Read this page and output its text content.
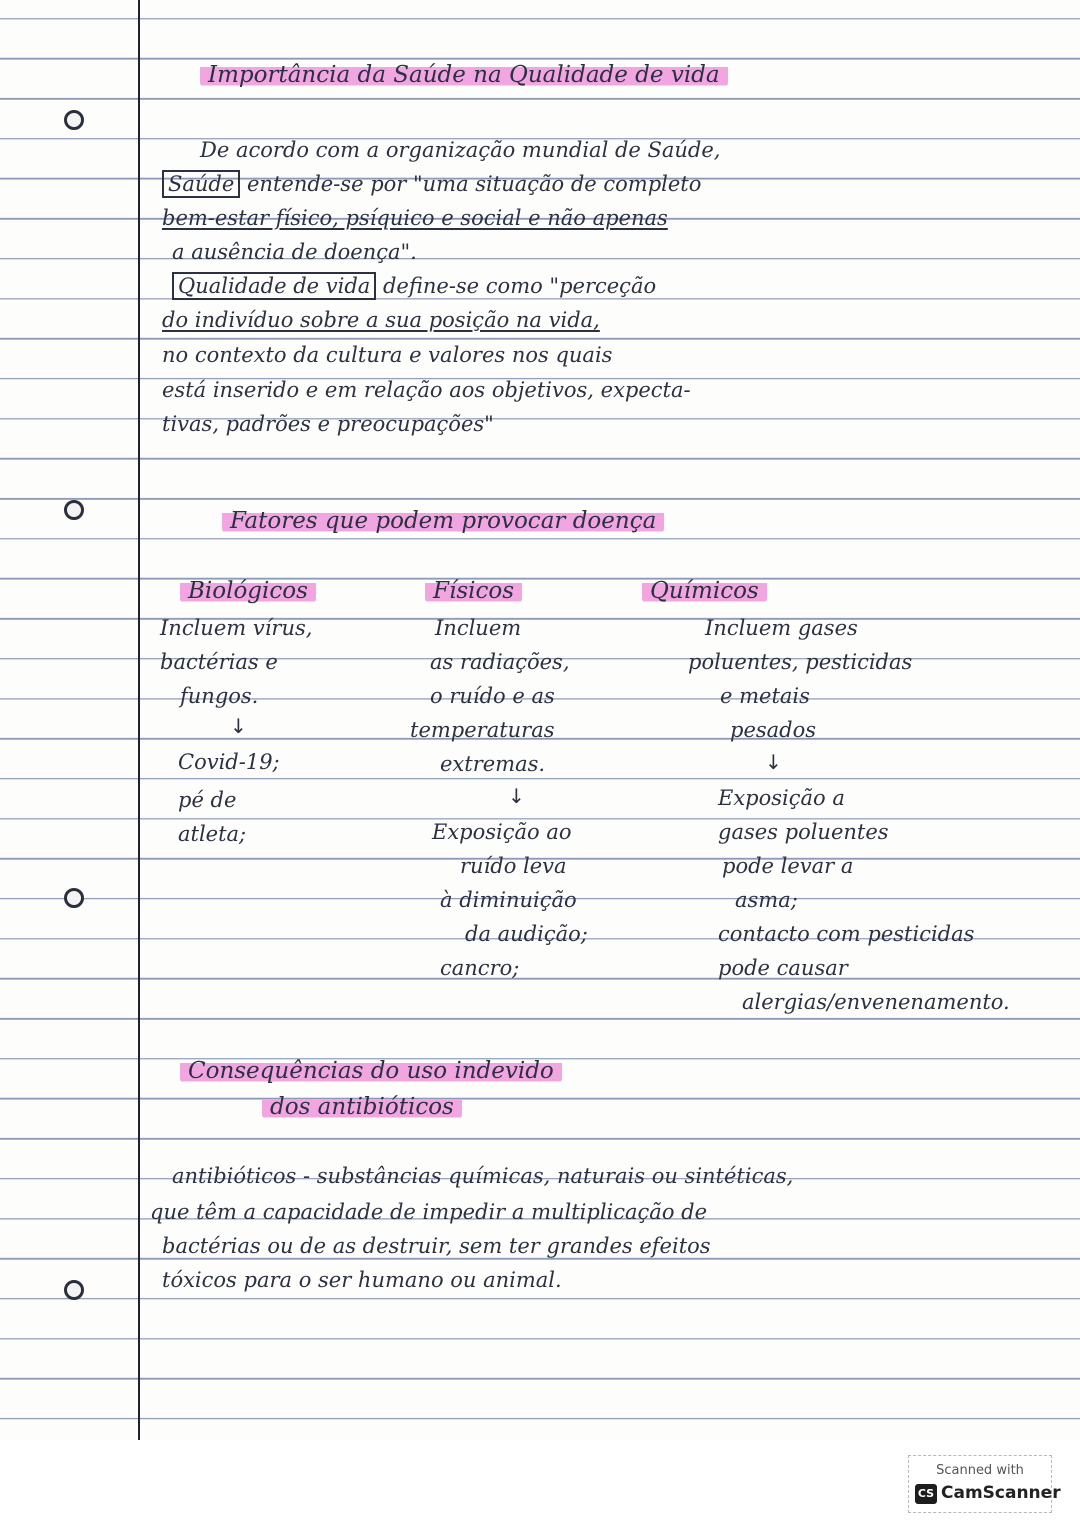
Importância da Saúde na Qualidade de vida
De acordo com a organização mundial de Saúde,
Saúde entende-se por "uma situação de completo
bem-estar físico, psíquico e social e não apenas
a ausência de doença".
Qualidade de vida define-se como "perceção
do indivíduo sobre a sua posição na vida,
no contexto da cultura e valores nos quais
está inserido e em relação aos objetivos, expecta-
tivas, padrões e preocupações"
Fatores que podem provocar doença
Biológicos
Incluem vírus,
bactérias e
fungos.
↓
Covid-19;
pé de
atleta;
Físicos
Incluem
as radiações,
o ruído e as
temperaturas
extremas.
↓
Exposição ao
ruído leva
à diminuição
da audição;
cancro;
Químicos
Incluem gases
poluentes, pesticidas
e metais
pesados
↓
Exposição a
gases poluentes
pode levar a
asma;
contacto com pesticidas
pode causar
alergias/envenenamento.
Consequências do uso indevido
dos antibióticos
antibióticos - substâncias químicas, naturais ou sintéticas,
que têm a capacidade de impedir a multiplicação de
bactérias ou de as destruir, sem ter grandes efeitos
tóxicos para o ser humano ou animal.
Scanned with
CS CamScanner
